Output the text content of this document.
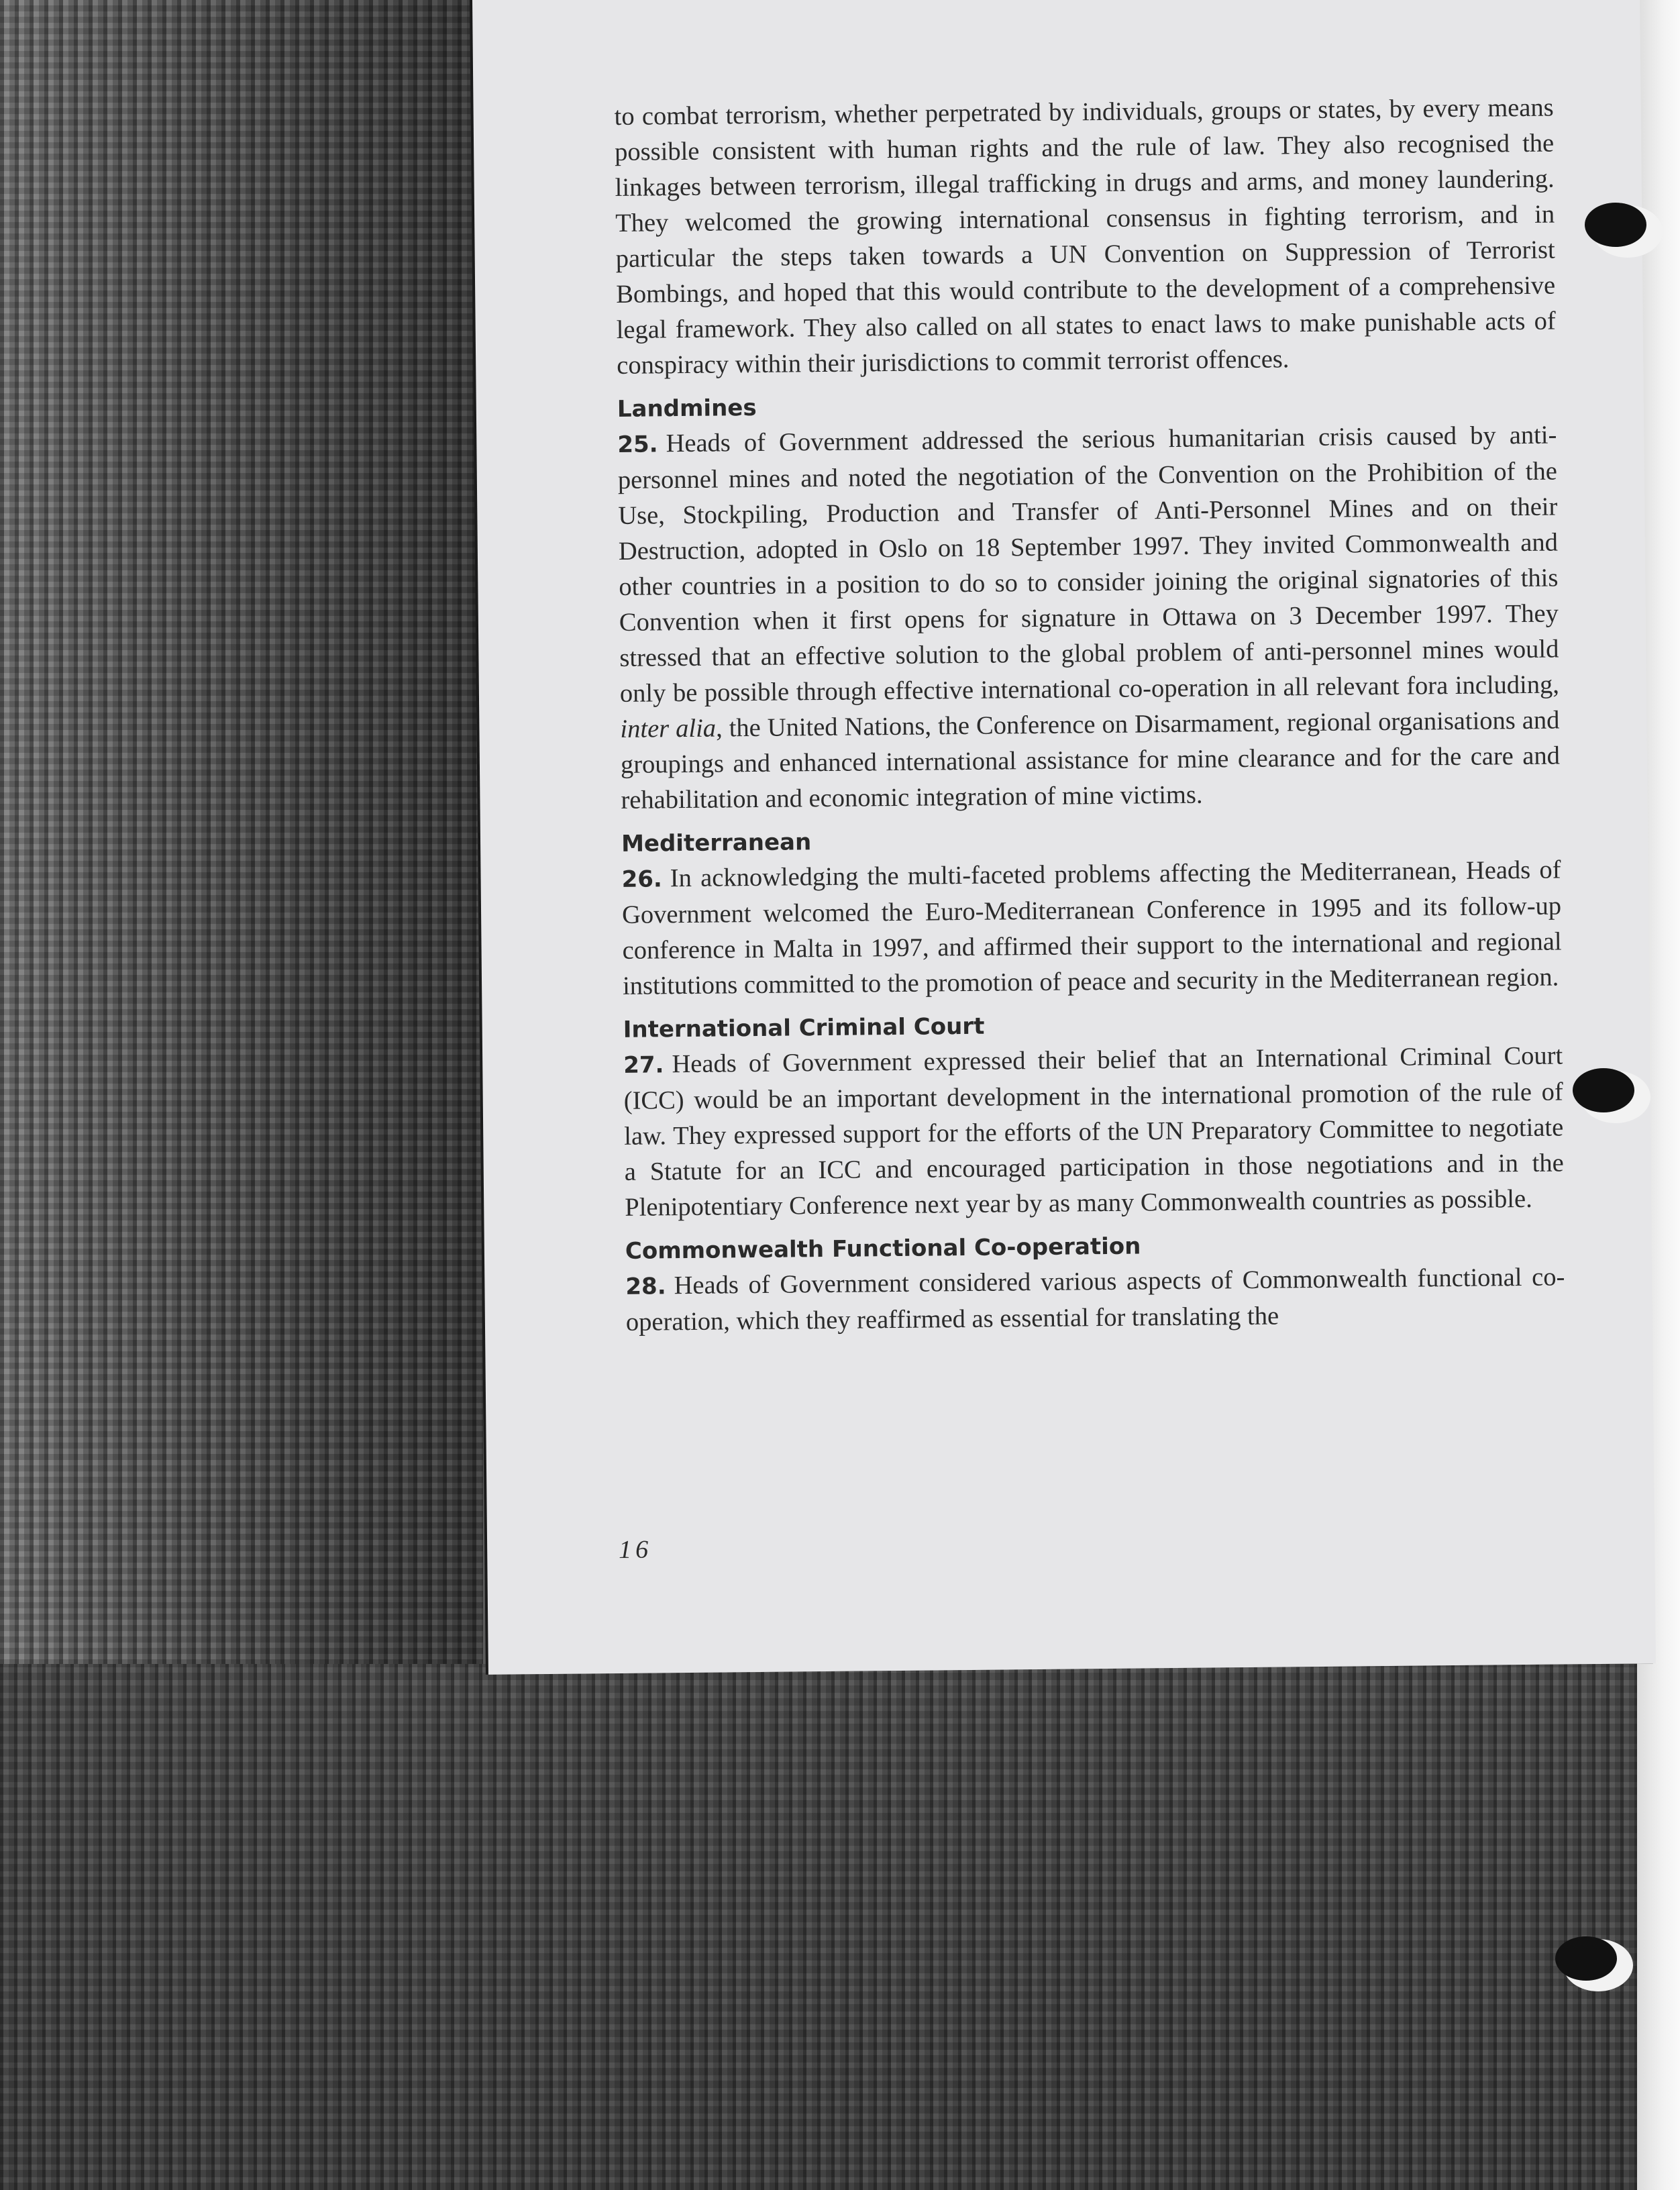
to combat terrorism, whether perpetrated by individuals, groups or states, by every means possible consistent with human rights and the rule of law. They also recognised the linkages between terrorism, illegal trafficking in drugs and arms, and money laundering. They welcomed the growing international consensus in fighting terrorism, and in particular the steps taken towards a UN Convention on Suppression of Terrorist Bombings, and hoped that this would contribute to the development of a comprehensive legal framework. They also called on all states to enact laws to make punishable acts of conspiracy within their jurisdictions to commit terrorist offences.

Landmines

25. Heads of Government addressed the serious humanitarian crisis caused by anti-personnel mines and noted the negotiation of the Convention on the Prohibition of the Use, Stockpiling, Production and Transfer of Anti-Personnel Mines and on their Destruction, adopted in Oslo on 18 September 1997. They invited Commonwealth and other countries in a position to do so to consider joining the original signatories of this Convention when it first opens for signature in Ottawa on 3 December 1997. They stressed that an effective solution to the global problem of anti-personnel mines would only be possible through effective international co-operation in all relevant fora including, inter alia, the United Nations, the Conference on Disarmament, regional organisations and groupings and enhanced international assistance for mine clearance and for the care and rehabilitation and economic integration of mine victims.

Mediterranean

26. In acknowledging the multi-faceted problems affecting the Mediterranean, Heads of Government welcomed the Euro-Mediterranean Conference in 1995 and its follow-up conference in Malta in 1997, and affirmed their support to the international and regional institutions committed to the promotion of peace and security in the Mediterranean region.

International Criminal Court

27. Heads of Government expressed their belief that an International Criminal Court (ICC) would be an important development in the international promotion of the rule of law. They expressed support for the efforts of the UN Preparatory Committee to negotiate a Statute for an ICC and encouraged participation in those negotiations and in the Plenipotentiary Conference next year by as many Commonwealth countries as possible.

Commonwealth Functional Co-operation

28. Heads of Government considered various aspects of Commonwealth functional co-operation, which they reaffirmed as essential for translating the

16
